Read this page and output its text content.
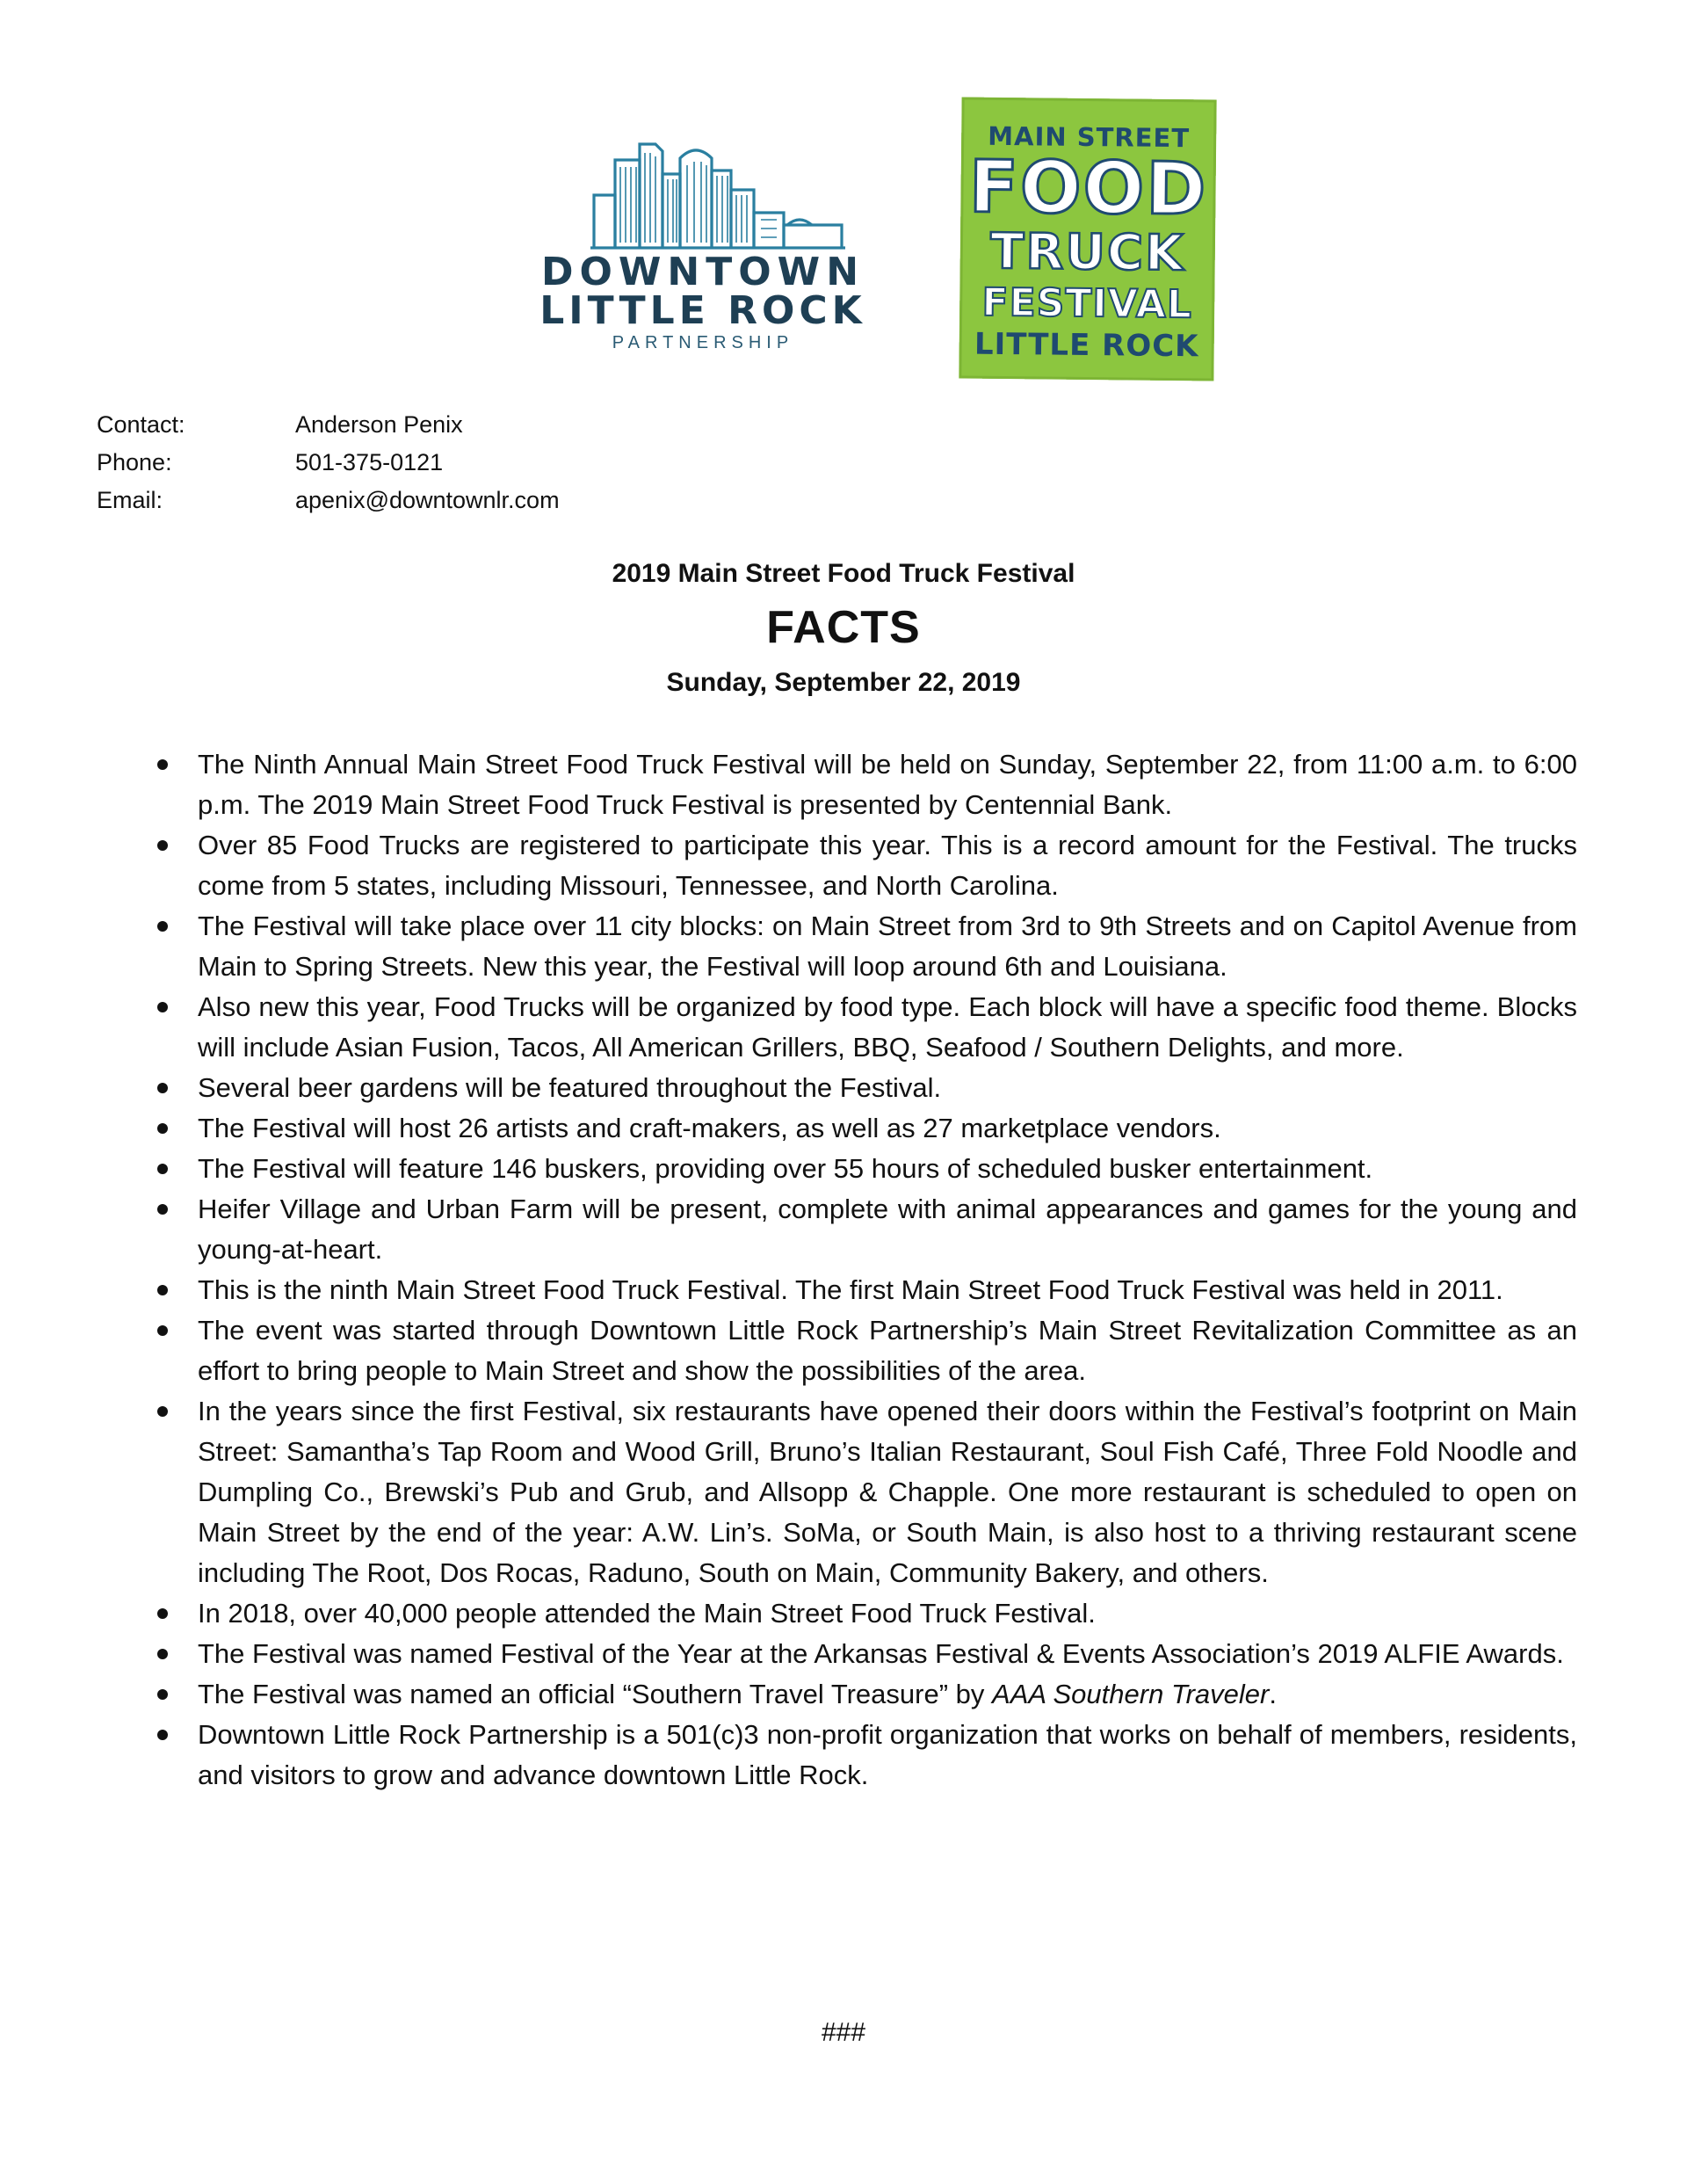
DOWNTOWN
LITTLE ROCK
PARTNERSHIP
MAIN STREET
FOOD
TRUCK
FESTIVAL
LITTLE ROCK
Contact:	Anderson Penix
Phone:	501-375-0121
Email:	apenix@downtownlr.com
2019 Main Street Food Truck Festival
FACTS
Sunday, September 22, 2019
The Ninth Annual Main Street Food Truck Festival will be held on Sunday, September 22, from 11:00 a.m. to 6:00 p.m. The 2019 Main Street Food Truck Festival is presented by Centennial Bank.
Over 85 Food Trucks are registered to participate this year. This is a record amount for the Festival. The trucks come from 5 states, including Missouri, Tennessee, and North Carolina.
The Festival will take place over 11 city blocks: on Main Street from 3rd to 9th Streets and on Capitol Avenue from Main to Spring Streets. New this year, the Festival will loop around 6th and Louisiana.
Also new this year, Food Trucks will be organized by food type. Each block will have a specific food theme. Blocks will include Asian Fusion, Tacos, All American Grillers, BBQ, Seafood / Southern Delights, and more.
Several beer gardens will be featured throughout the Festival.
The Festival will host 26 artists and craft-makers, as well as 27 marketplace vendors.
The Festival will feature 146 buskers, providing over 55 hours of scheduled busker entertainment.
Heifer Village and Urban Farm will be present, complete with animal appearances and games for the young and young-at-heart.
This is the ninth Main Street Food Truck Festival. The first Main Street Food Truck Festival was held in 2011.
The event was started through Downtown Little Rock Partnership’s Main Street Revitalization Committee as an effort to bring people to Main Street and show the possibilities of the area.
In the years since the first Festival, six restaurants have opened their doors within the Festival’s footprint on Main Street: Samantha’s Tap Room and Wood Grill, Bruno’s Italian Restaurant, Soul Fish Café, Three Fold Noodle and Dumpling Co., Brewski’s Pub and Grub, and Allsopp & Chapple. One more restaurant is scheduled to open on Main Street by the end of the year: A.W. Lin’s. SoMa, or South Main, is also host to a thriving restaurant scene including The Root, Dos Rocas, Raduno, South on Main, Community Bakery, and others.
In 2018, over 40,000 people attended the Main Street Food Truck Festival.
The Festival was named Festival of the Year at the Arkansas Festival & Events Association’s 2019 ALFIE Awards.
The Festival was named an official “Southern Travel Treasure” by AAA Southern Traveler.
Downtown Little Rock Partnership is a 501(c)3 non-profit organization that works on behalf of members, residents, and visitors to grow and advance downtown Little Rock.
###
